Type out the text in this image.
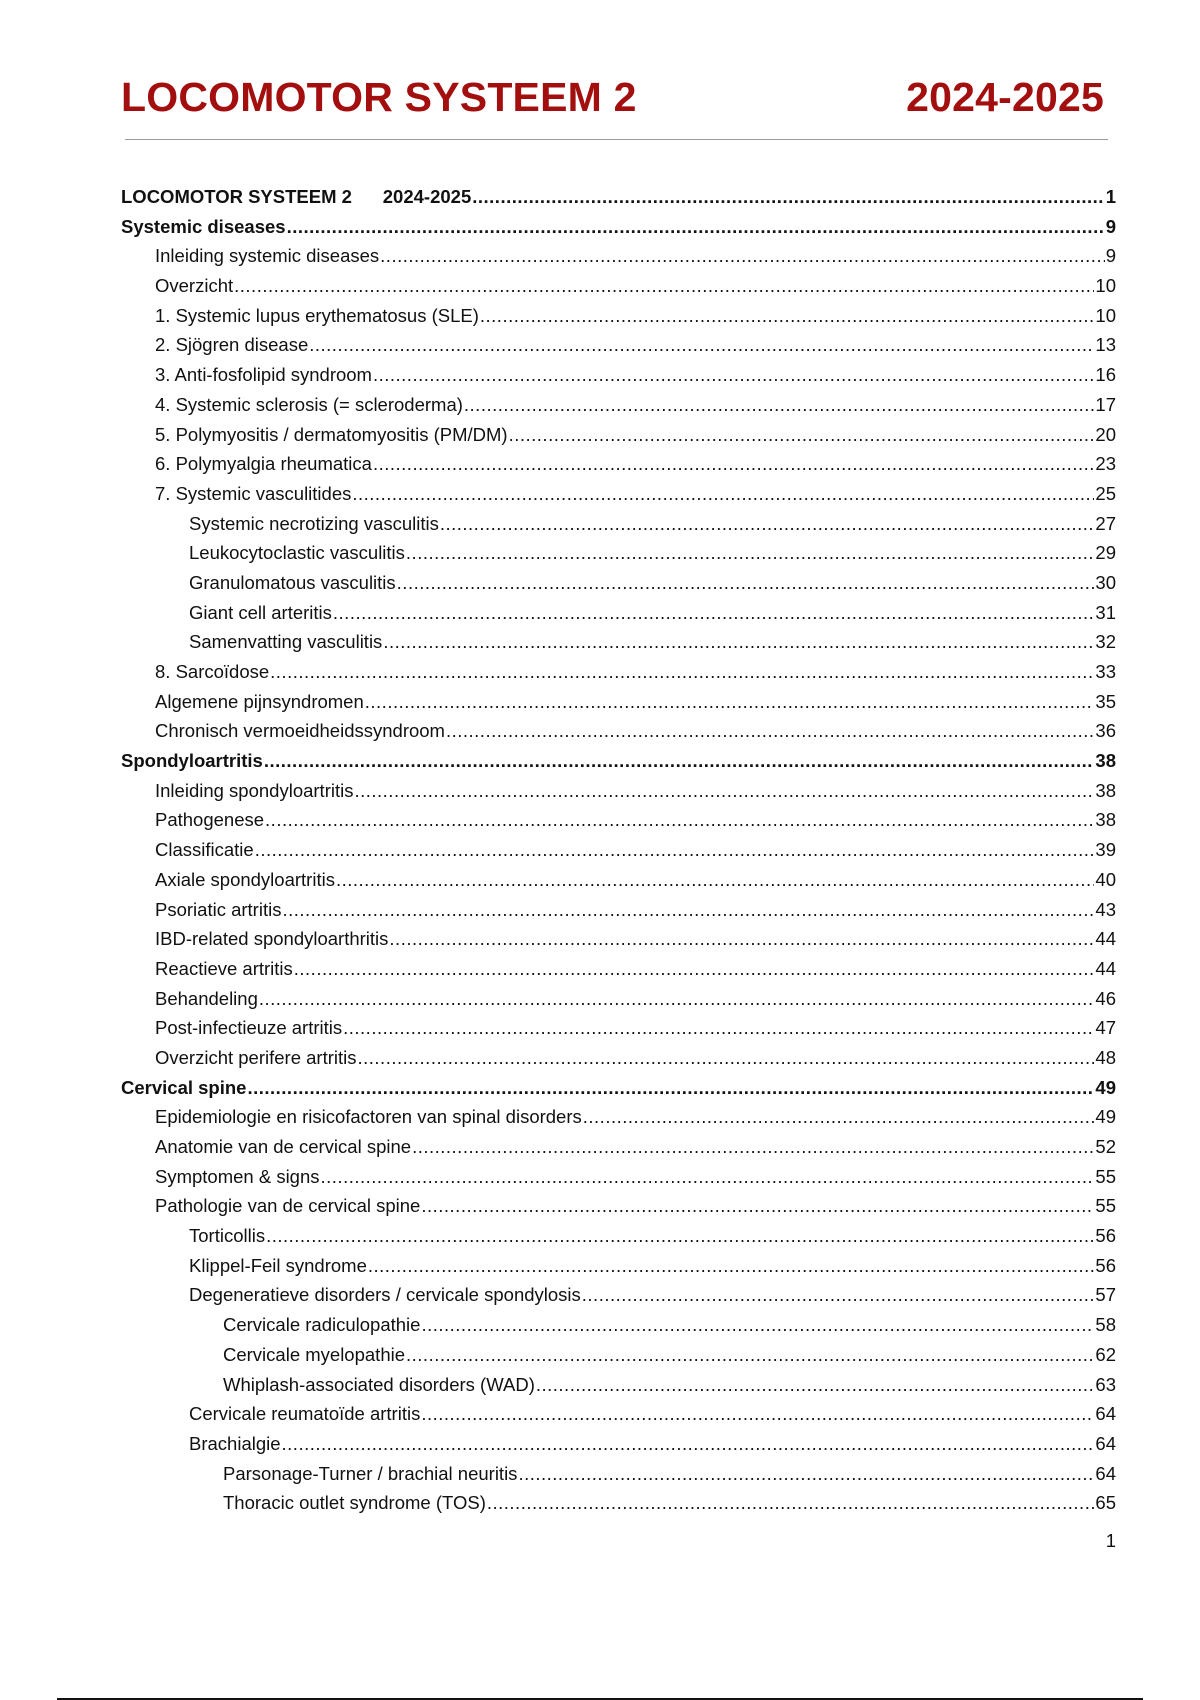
LOCOMOTOR SYSTEEM 2	2024-2025
LOCOMOTOR SYSTEEM 2      2024-2025 .....	1
Systemic diseases .....	9
Inleiding systemic diseases .....	9
Overzicht .....	10
1. Systemic lupus erythematosus (SLE) .....	10
2. Sjögren disease .....	13
3. Anti-fosfolipid syndroom .....	16
4. Systemic sclerosis (= scleroderma) .....	17
5. Polymyositis / dermatomyositis (PM/DM) .....	20
6. Polymyalgia rheumatica .....	23
7. Systemic vasculitides .....	25
Systemic necrotizing vasculitis .....	27
Leukocytoclastic vasculitis .....	29
Granulomatous vasculitis .....	30
Giant cell arteritis .....	31
Samenvatting vasculitis .....	32
8. Sarcoïdose .....	33
Algemene pijnsyndromen .....	35
Chronisch vermoeidheidssyndroom .....	36
Spondyloartritis .....	38
Inleiding spondyloartritis .....	38
Pathogenese .....	38
Classificatie .....	39
Axiale spondyloartritis .....	40
Psoriatic artritis .....	43
IBD-related spondyloarthritis .....	44
Reactieve artritis .....	44
Behandeling .....	46
Post-infectieuze artritis .....	47
Overzicht perifere artritis .....	48
Cervical spine .....	49
Epidemiologie en risicofactoren van spinal disorders .....	49
Anatomie van de cervical spine .....	52
Symptomen & signs .....	55
Pathologie van de cervical spine .....	55
Torticollis .....	56
Klippel-Feil syndrome .....	56
Degeneratieve disorders / cervicale spondylosis .....	57
Cervicale radiculopathie .....	58
Cervicale myelopathie .....	62
Whiplash-associated disorders (WAD) .....	63
Cervicale reumatoïde artritis .....	64
Brachialgie .....	64
Parsonage-Turner / brachial neuritis .....	64
Thoracic outlet syndrome (TOS) .....	65
1
